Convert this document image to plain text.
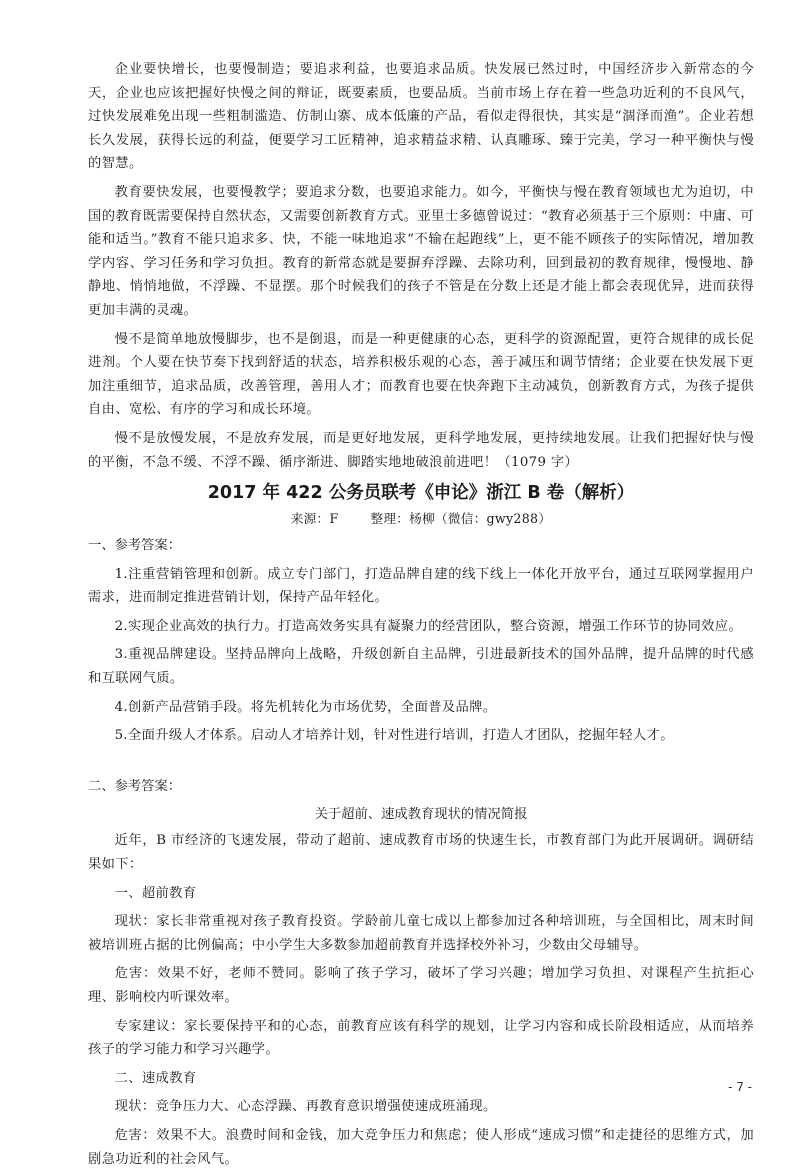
企业要快增长，也要慢制造；要追求利益，也要追求品质。快发展已然过时，中国经济步入新常态的今天，企业也应该把握好快慢之间的辩证，既要素质，也要品质。当前市场上存在着一些急功近利的不良风气，过快发展难免出现一些粗制滥造、仿制山寨、成本低廉的产品，看似走得很快，其实是“涸泽而渔”。企业若想长久发展，获得长远的利益，便要学习工匠精神，追求精益求精、认真雕琢、臻于完美，学习一种平衡快与慢的智慧。

教育要快发展，也要慢教学；要追求分数，也要追求能力。如今，平衡快与慢在教育领域也尤为迫切，中国的教育既需要保持自然状态，又需要创新教育方式。亚里士多德曾说过：“教育必须基于三个原则：中庸、可能和适当。”教育不能只追求多、快，不能一味地追求“不输在起跑线”上，更不能不顾孩子的实际情况，增加教学内容、学习任务和学习负担。教育的新常态就是要摒弃浮躁、去除功利，回到最初的教育规律，慢慢地、静静地、悄悄地做，不浮躁、不显摆。那个时候我们的孩子不管是在分数上还是才能上都会表现优异，进而获得更加丰满的灵魂。

慢不是简单地放慢脚步，也不是倒退，而是一种更健康的心态，更科学的资源配置，更符合规律的成长促进剂。个人要在快节奏下找到舒适的状态，培养积极乐观的心态，善于减压和调节情绪；企业要在快发展下更加注重细节，追求品质，改善管理，善用人才；而教育也要在快奔跑下主动减负，创新教育方式，为孩子提供自由、宽松、有序的学习和成长环境。

慢不是放慢发展，不是放弃发展，而是更好地发展，更科学地发展，更持续地发展。让我们把握好快与慢的平衡，不急不缓、不浮不躁、循序渐进、脚踏实地地破浪前进吧！（1079 字）

2017 年 422 公务员联考《申论》浙江 B 卷（解析）
来源：F	整理：杨柳（微信：gwy288）

一、参考答案：

1.注重营销管理和创新。成立专门部门，打造品牌自建的线下线上一体化开放平台，通过互联网掌握用户需求，进而制定推进营销计划，保持产品年轻化。

2.实现企业高效的执行力。打造高效务实具有凝聚力的经营团队，整合资源，增强工作环节的协同效应。

3.重视品牌建设。坚持品牌向上战略，升级创新自主品牌，引进最新技术的国外品牌，提升品牌的时代感和互联网气质。

4.创新产品营销手段。将先机转化为市场优势，全面普及品牌。

5.全面升级人才体系。启动人才培养计划，针对性进行培训，打造人才团队，挖掘年轻人才。

二、参考答案：

关于超前、速成教育现状的情况简报

近年，B 市经济的飞速发展，带动了超前、速成教育市场的快速生长，市教育部门为此开展调研。调研结果如下：

一、超前教育

现状：家长非常重视对孩子教育投资。学龄前儿童七成以上都参加过各种培训班，与全国相比，周末时间被培训班占据的比例偏高；中小学生大多数参加超前教育并选择校外补习，少数由父母辅导。

危害：效果不好，老师不赞同。影响了孩子学习，破坏了学习兴趣；增加学习负担、对课程产生抗拒心理、影响校内听课效率。

专家建议：家长要保持平和的心态，前教育应该有科学的规划，让学习内容和成长阶段相适应，从而培养孩子的学习能力和学习兴趣学。

二、速成教育

现状：竞争压力大、心态浮躁、再教育意识增强使速成班涌现。

危害：效果不大。浪费时间和金钱，加大竞争压力和焦虑；使人形成“速成习惯”和走捷径的思维方式，加剧急功近利的社会风气。

- 7 -
